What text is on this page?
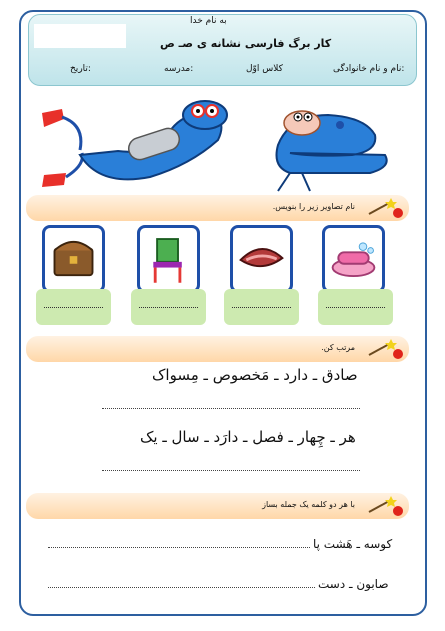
به نام خدا
کار برگ فارسی نشانه ی صـ ص
نام و نام خانوادگی:
کلاس اوّل
مدرسه:
تاریخ:
نام تصاویر زیر را بنویس.
مرتب کن.
صادق ـ دارد ـ مَخصوص ـ مِسواک
هر ـ چِهار ـ فصل ـ دارَد ـ سال ـ یک
با هر دو کلمه یک جمله بساز
کوسه ـ هَشت پا
صابون ـ دست
